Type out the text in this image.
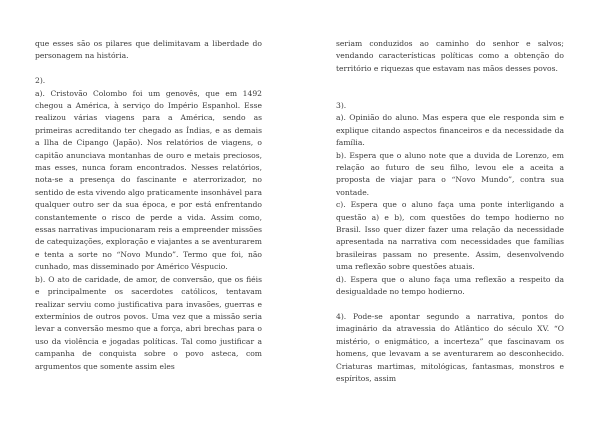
que esses são os pilares que delimitavam a liberdade do personagem na história.

2).

a). Cristovão Colombo foi um genovês, que em 1492 chegou a América, à serviço do Império Espanhol. Esse realizou várias viagens para a América, sendo as primeiras acreditando ter chegado as Índias, e as demais a Ilha de Cipango (Japão). Nos relatórios de viagens, o capitão anunciava montanhas de ouro e metais preciosos, mas esses, nunca foram encontrados. Nesses relatórios, nota-se a presença do fascinante e aterrorizador, no sentido de esta vivendo algo praticamente insonhável para qualquer outro ser da sua época, e por está enfrentando constantemente o risco de perde a vida. Assim como, essas narrativas impucionaram reis a empreender missões de catequizações, exploração e viajantes a se aventurarem e tenta a sorte no “Novo Mundo”. Termo que foi, não cunhado, mas disseminado por Américo Véspucio.

b). O ato de caridade, de amor, de conversão, que os fiéis e principalmente os sacerdotes católicos, tentavam realizar serviu como justificativa para invasões, guerras e extermínios de outros povos. Uma vez que a missão seria levar a conversão mesmo que a força, abri brechas para o uso da violência e jogadas políticas. Tal como justificar a campanha de conquista sobre o povo asteca, com argumentos que somente assim eles

seriam conduzidos ao caminho do senhor e salvos; vendando características políticas como a obtenção do território e riquezas que estavam nas mãos desses povos.

3).

a). Opinião do aluno. Mas espera que ele responda sim e explique citando aspectos financeiros e da necessidade da família.

b). Espera que o aluno note que a duvida de Lorenzo, em relação ao futuro de seu filho, levou ele a aceita a proposta de viajar para o “Novo Mundo”, contra sua vontade.

c). Espera que o aluno faça uma ponte interligando a questão a) e b), com questões do tempo hodierno no Brasil. Isso quer dizer fazer uma relação da necessidade apresentada na narrativa com necessidades que famílias brasileiras passam no presente. Assim, desenvolvendo uma reflexão sobre questões atuais.

d). Espera que o aluno faça uma reflexão a respeito da desigualdade no tempo hodierno.

4). Pode-se apontar segundo a narrativa, pontos do imaginário da atravessia do Atlântico do século XV. “O mistério, o enigmático, a incerteza” que fascinavam os homens, que levavam a se aventurarem ao desconhecido. Criaturas martimas, mitológicas, fantasmas, monstros e espíritos, assim
